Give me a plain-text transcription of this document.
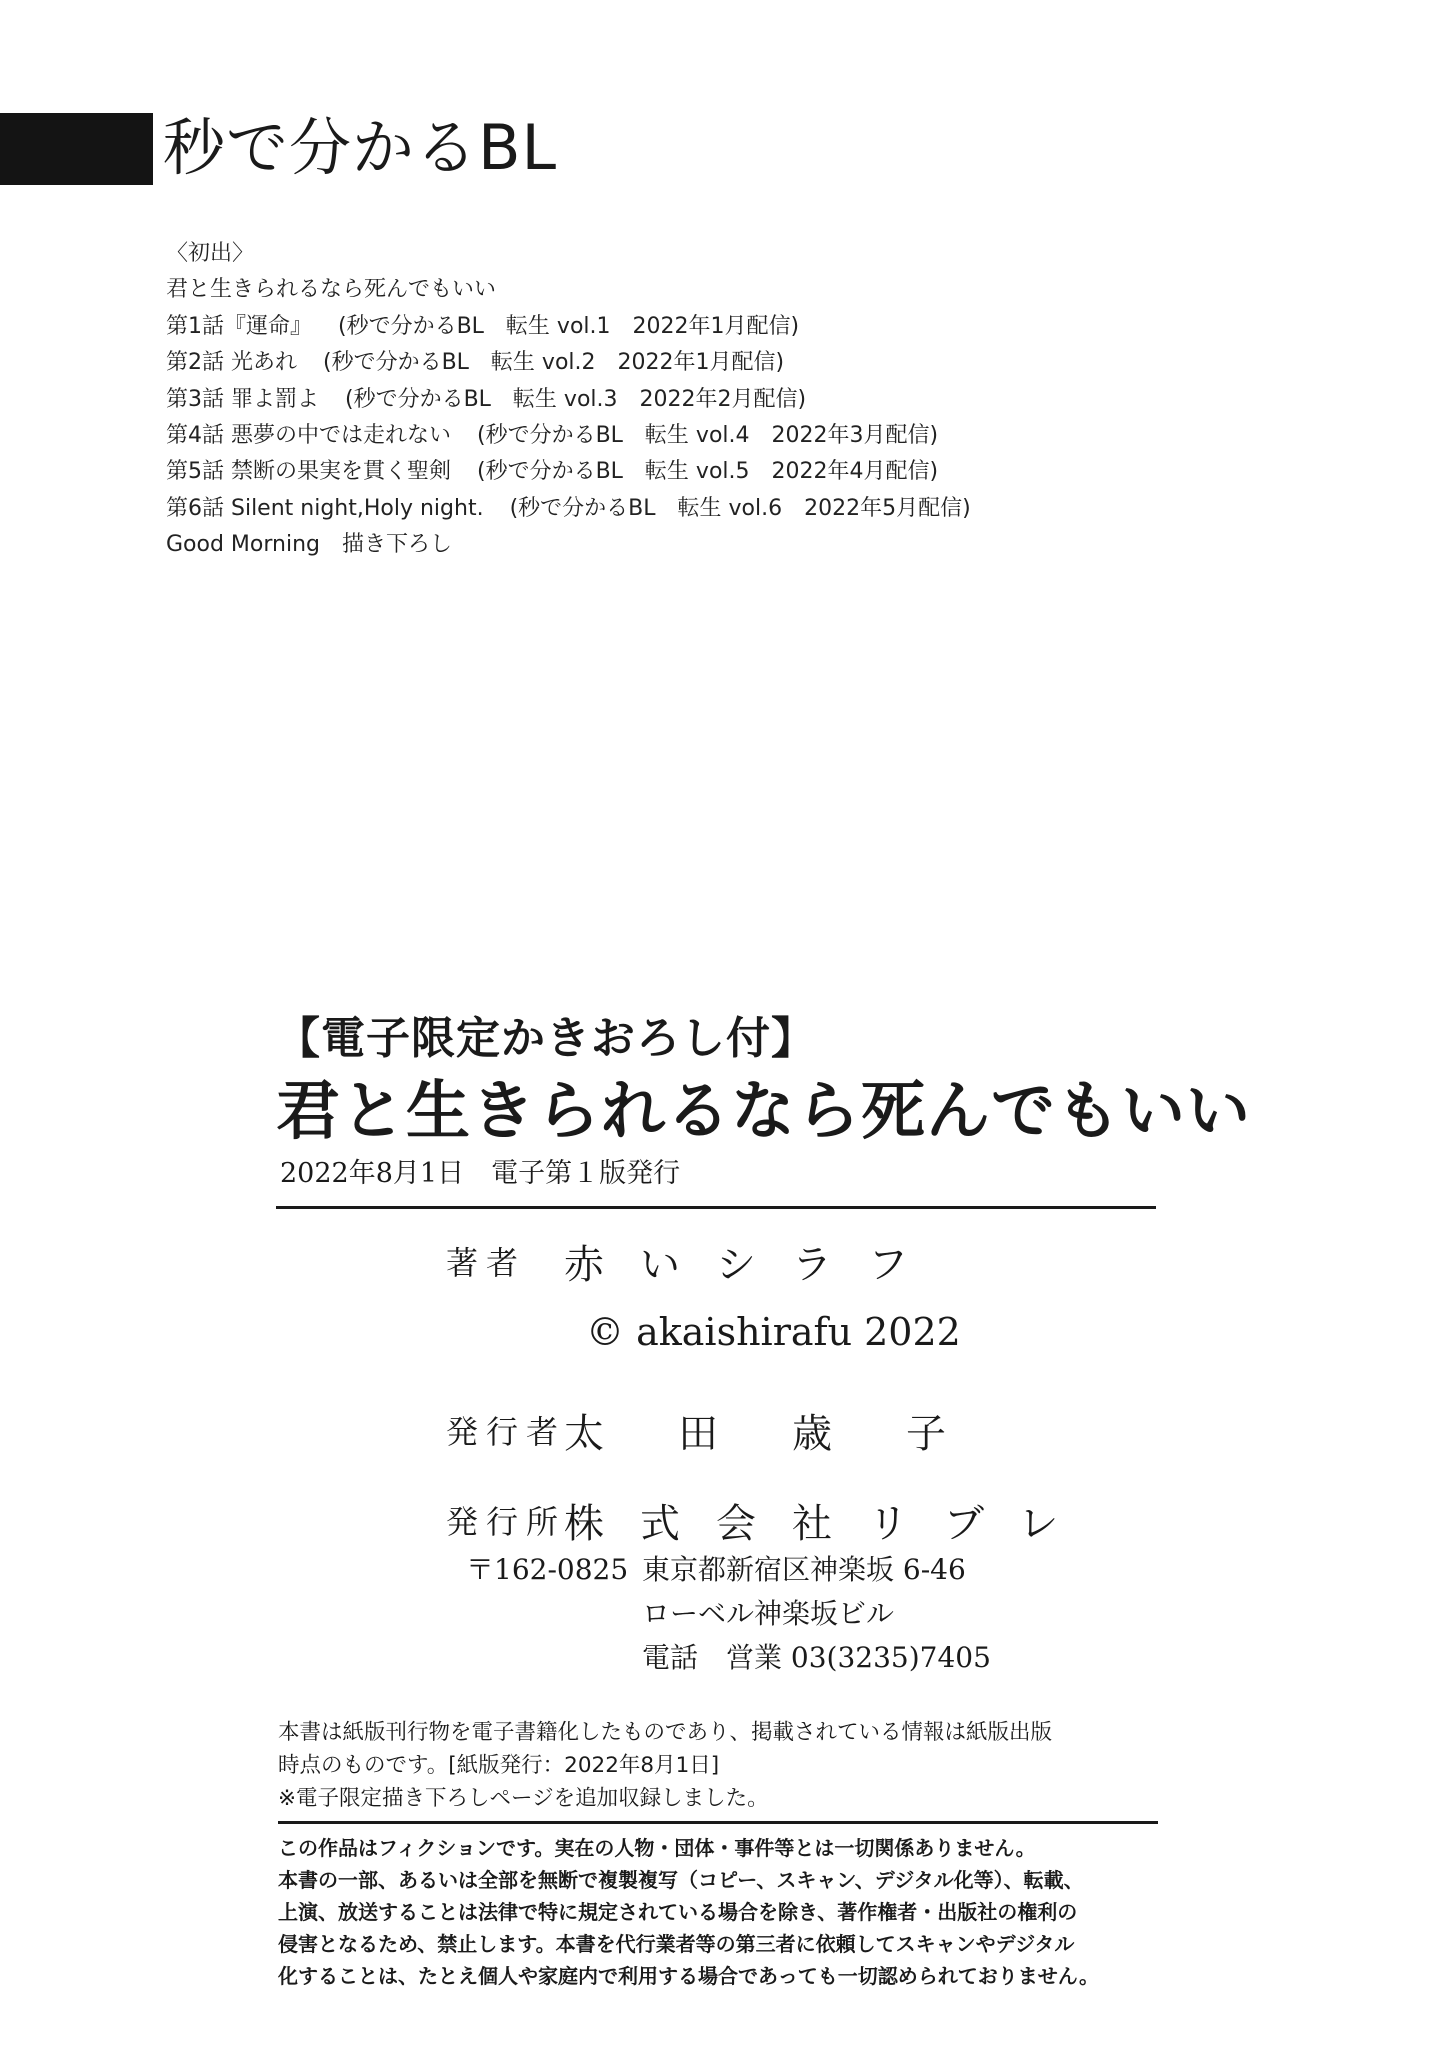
秒で分かるBL
〈初出〉
君と生きられるなら死んでもいい
第1話『運命』 (秒で分かるBL　転生 vol.1　2022年1月配信)
第2話 光あれ (秒で分かるBL　転生 vol.2　2022年1月配信)
第3話 罪よ罰よ (秒で分かるBL　転生 vol.3　2022年2月配信)
第4話 悪夢の中では走れない (秒で分かるBL　転生 vol.4　2022年3月配信)
第5話 禁断の果実を貫く聖剣 (秒で分かるBL　転生 vol.5　2022年4月配信)
第6話 Silent night,Holy night. (秒で分かるBL　転生 vol.6　2022年5月配信)
Good Morning　描き下ろし
【電子限定かきおろし付】
君と生きられるなら死んでもいい
2022年8月1日　電子第１版発行
著者 赤いシラフ
© akaishirafu 2022
発行者
太田歳子
発行所
株式会社リブレ
〒162-0825 東京都新宿区神楽坂 6-46
ローベル神楽坂ビル
電話　営業 03(3235)7405
本書は紙版刊行物を電子書籍化したものであり、掲載されている情報は紙版出版
時点のものです。[紙版発行：2022年8月1日]
※電子限定描き下ろしページを追加収録しました。
この作品はフィクションです。実在の人物・団体・事件等とは一切関係ありません。
本書の一部、あるいは全部を無断で複製複写（コピー、スキャン、デジタル化等）、転載、
上演、放送することは法律で特に規定されている場合を除き、著作権者・出版社の権利の
侵害となるため、禁止します。本書を代行業者等の第三者に依頼してスキャンやデジタル
化することは、たとえ個人や家庭内で利用する場合であっても一切認められておりません。
